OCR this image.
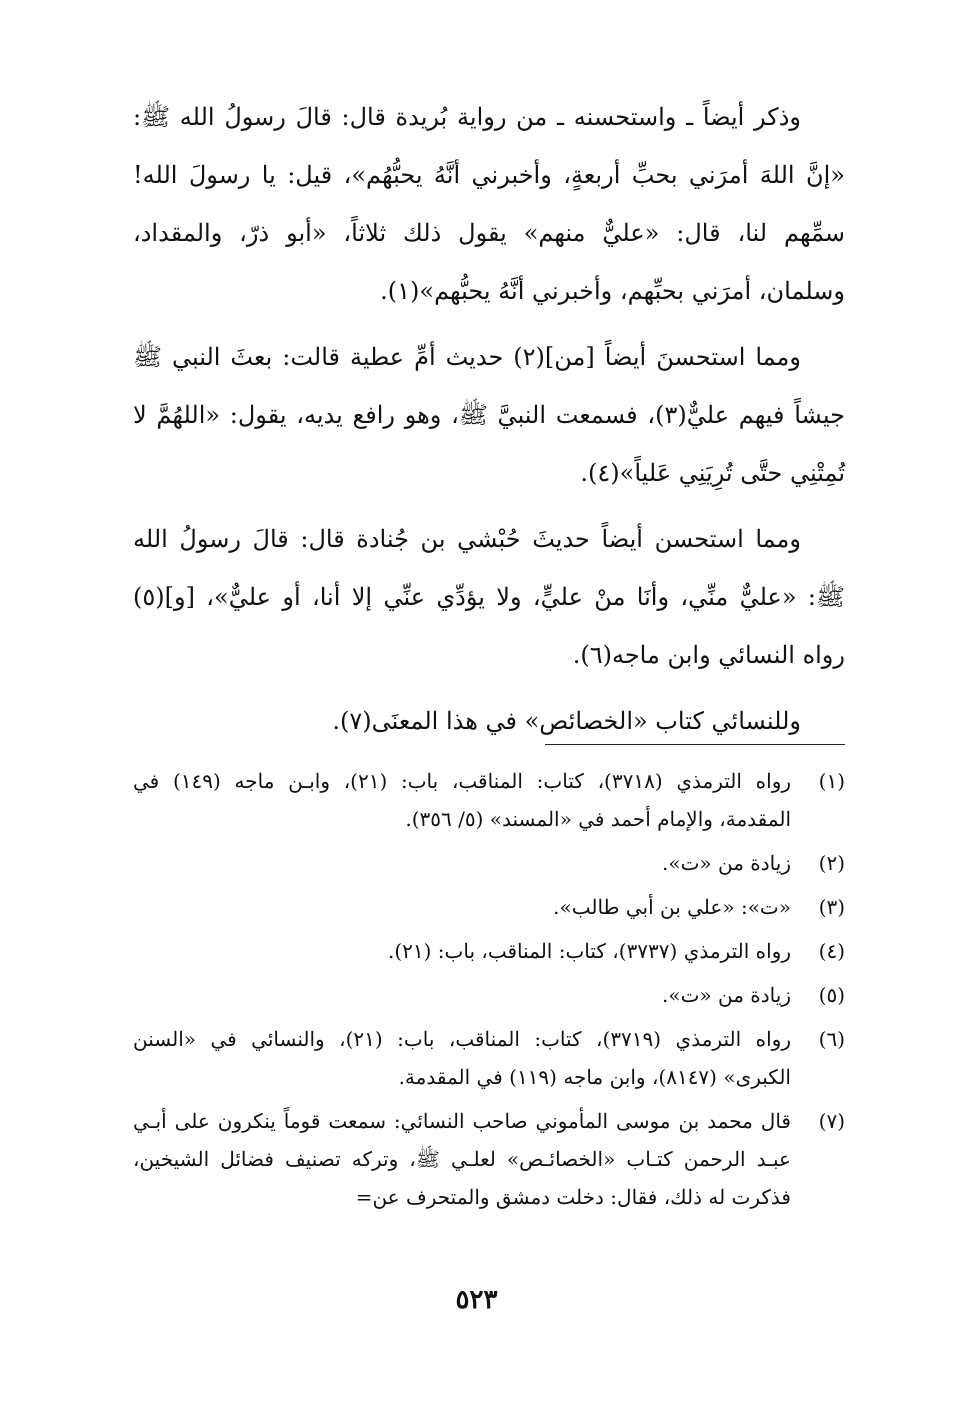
وذكر أيضاً ـ واستحسنه ـ من رواية بُريدة قال: قالَ رسولُ الله ﷺ: «إنَّ اللهَ أمرَني بحبِّ أربعةٍ، وأخبرني أنَّهُ يحبُّهُم»، قيل: يا رسولَ الله! سمِّهم لنا، قال: «عليٌّ منهم» يقول ذلك ثلاثاً، «أبو ذرّ، والمقداد، وسلمان، أمرَني بحبِّهم، وأخبرني أنَّهُ يحبُّهم»(١).

ومما استحسنَ أيضاً [من](٢) حديث أمِّ عطية قالت: بعثَ النبي ﷺ جيشاً فيهم عليٌّ(٣)، فسمعت النبيَّ ﷺ، وهو رافع يديه، يقول: «اللهُمَّ لا تُمِتْنِي حتَّى تُرِيَنِي عَلياً»(٤).

ومما استحسن أيضاً حديثَ حُبْشي بن جُنادة قال: قالَ رسولُ الله ﷺ: «عليٌّ منِّي، وأنَا منْ عليٍّ، ولا يؤدِّي عنِّي إلا أنا، أو عليٌّ»، [و](٥) رواه النسائي وابن ماجه(٦).

وللنسائي كتاب «الخصائص» في هذا المعنَى(٧).

(١)
رواه الترمذي (٣٧١٨)، كتاب: المناقب، باب: (٢١)، وابـن ماجه (١٤٩) في المقدمة، والإمام أحمد في «المسند» (٥/ ٣٥٦).
(٢)
زيادة من «ت».
(٣)
«ت»: «علي بن أبي طالب».
(٤)
رواه الترمذي (٣٧٣٧)، كتاب: المناقب، باب: (٢١).
(٥)
زيادة من «ت».
(٦)
رواه الترمذي (٣٧١٩)، كتاب: المناقب، باب: (٢١)، والنسائي في «السنن الكبرى» (٨١٤٧)، وابن ماجه (١١٩) في المقدمة.
(٧)
قال محمد بن موسى المأموني صاحب النسائي: سمعت قوماً ينكرون على أبـي عبـد الرحمن كتـاب «الخصائـص» لعلـي ﷺ، وتركه تصنيف فضائل الشيخين، فذكرت له ذلك، فقال: دخلت دمشق والمتحرف عن=
٥٢٣
